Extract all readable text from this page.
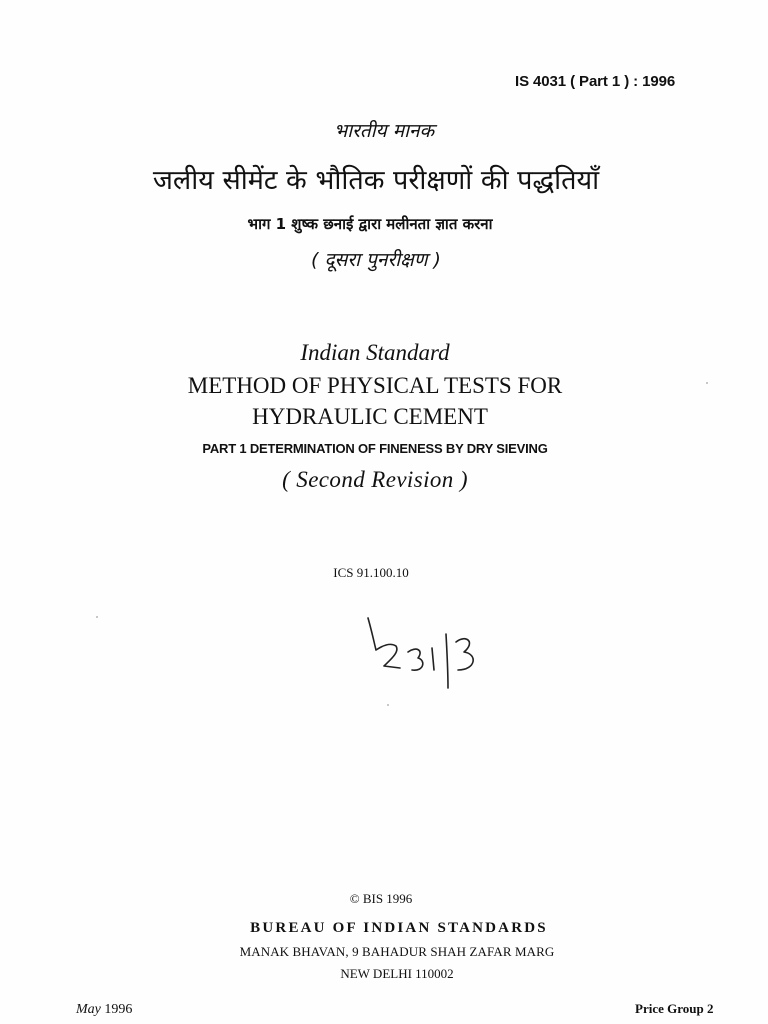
IS 4031 ( Part 1 ) : 1996
भारतीय मानक
जलीय सीमेंट के भौतिक परीक्षणों की पद्धतियाँ
भाग 1 शुष्क छनाई द्वारा मलीनता ज्ञात करना
( दूसरा पुनरीक्षण )
Indian Standard
METHOD OF PHYSICAL TESTS FOR
HYDRAULIC CEMENT
PART 1 DETERMINATION OF FINENESS BY DRY SIEVING
( Second Revision )
ICS 91.100.10
© BIS 1996
BUREAU OF INDIAN STANDARDS
MANAK BHAVAN, 9 BAHADUR SHAH ZAFAR MARG
NEW DELHI 110002
May 1996	Price Group 2
